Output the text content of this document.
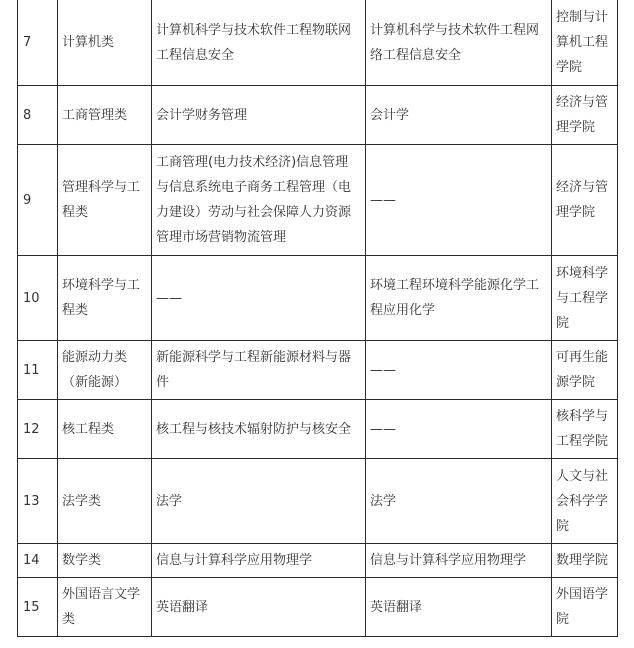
7	计算机类	计算机科学与技术软件工程物联网工程信息安全	计算机科学与技术软件工程网络工程信息安全	控制与计算机工程学院
8	工商管理类	会计学财务管理	会计学	经济与管理学院
9	管理科学与工程类	工商管理(电力技术经济)信息管理与信息系统电子商务工程管理（电力建设）劳动与社会保障人力资源管理市场营销物流管理	——	经济与管理学院
10	环境科学与工程类	——	环境工程环境科学能源化学工程应用化学	环境科学与工程学院
11	能源动力类（新能源）	新能源科学与工程新能源材料与器件	——	可再生能源学院
12	核工程类	核工程与核技术辐射防护与核安全	——	核科学与工程学院
13	法学类	法学	法学	人文与社会科学学院
14	数学类	信息与计算科学应用物理学	信息与计算科学应用物理学	数理学院
15	外国语言文学类	英语翻译	英语翻译	外国语学院
